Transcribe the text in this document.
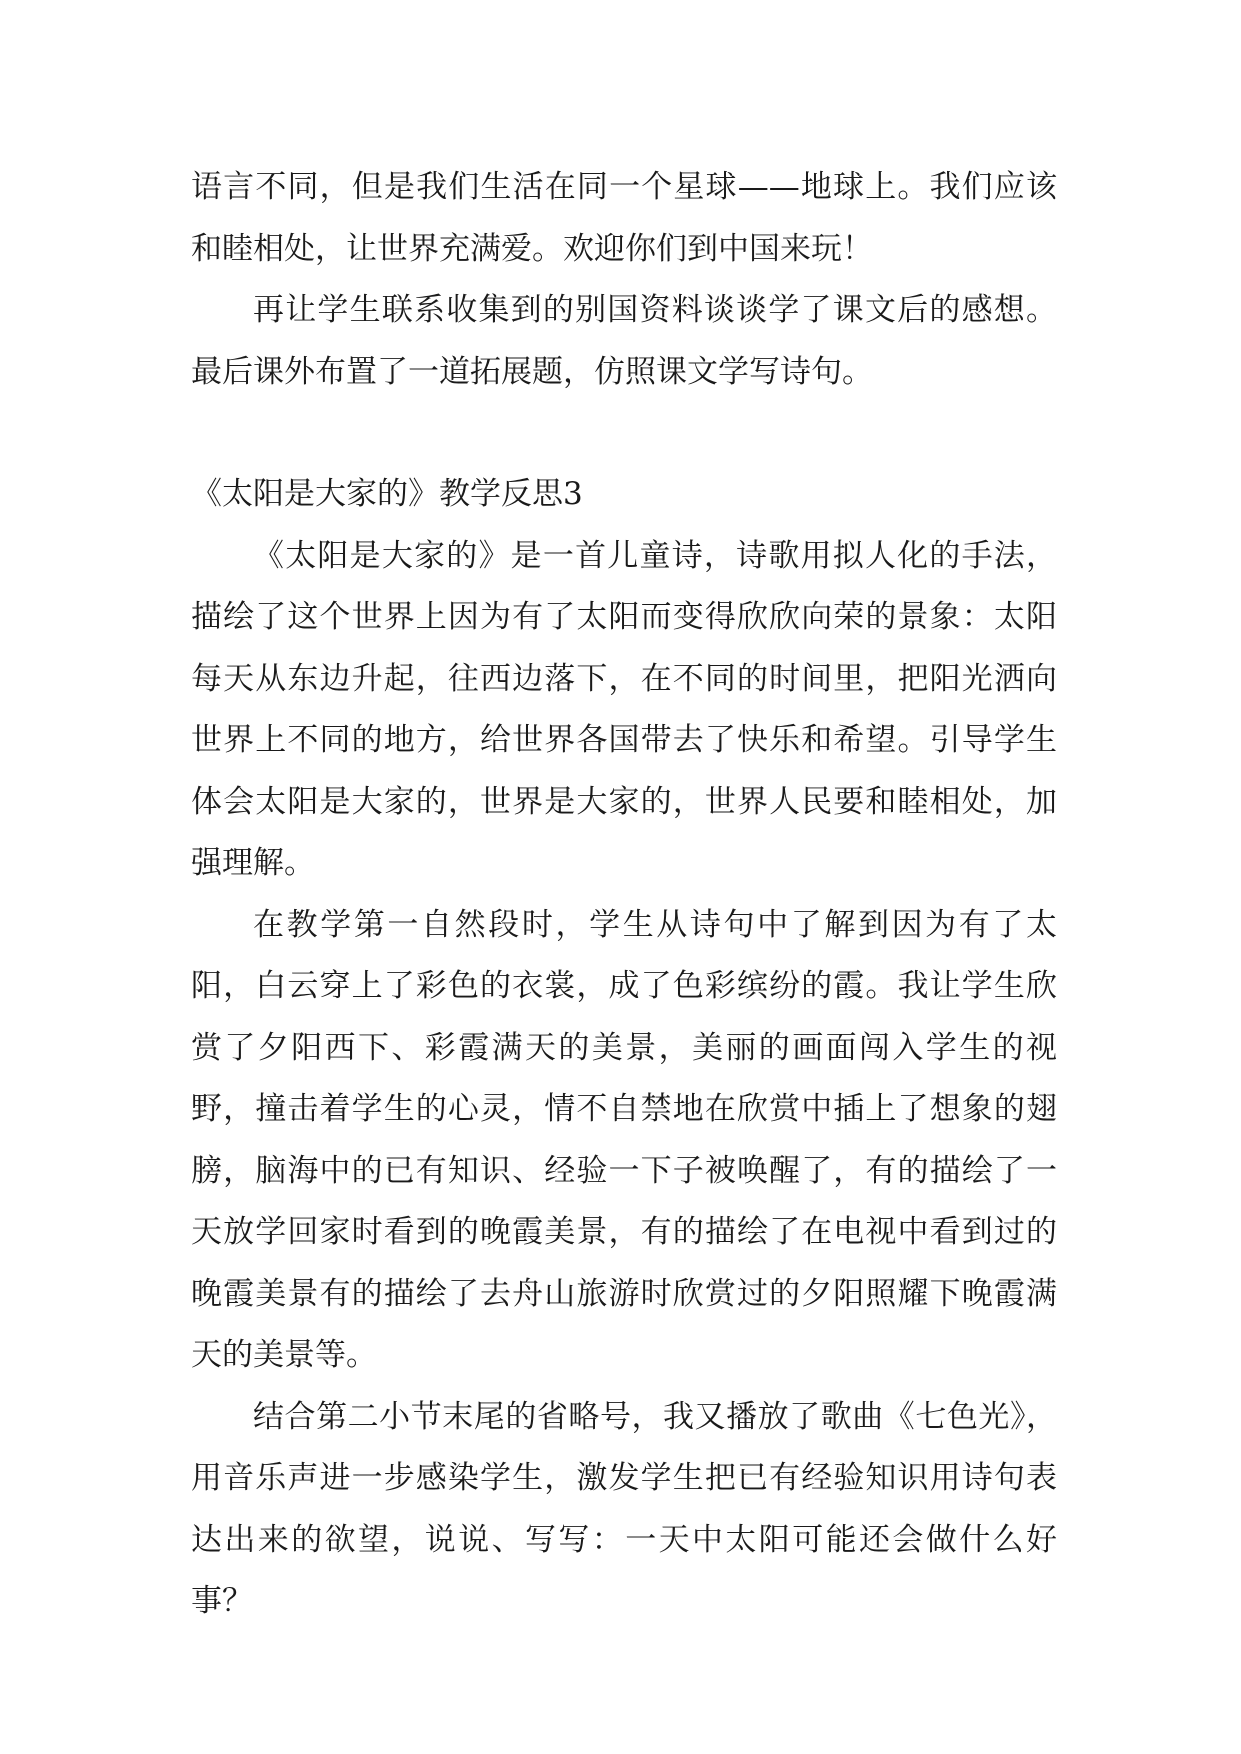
语言不同，但是我们生活在同一个星球——地球上。我们应该和睦相处，让世界充满爱。欢迎你们到中国来玩！

再让学生联系收集到的别国资料谈谈学了课文后的感想。最后课外布置了一道拓展题，仿照课文学写诗句。

《太阳是大家的》教学反思3

《太阳是大家的》是一首儿童诗，诗歌用拟人化的手法，描绘了这个世界上因为有了太阳而变得欣欣向荣的景象：太阳每天从东边升起，往西边落下，在不同的时间里，把阳光洒向世界上不同的地方，给世界各国带去了快乐和希望。引导学生体会太阳是大家的，世界是大家的，世界人民要和睦相处，加强理解。

在教学第一自然段时，学生从诗句中了解到因为有了太阳，白云穿上了彩色的衣裳，成了色彩缤纷的霞。我让学生欣赏了夕阳西下、彩霞满天的美景，美丽的画面闯入学生的视野，撞击着学生的心灵，情不自禁地在欣赏中插上了想象的翅膀，脑海中的已有知识、经验一下子被唤醒了，有的描绘了一天放学回家时看到的晚霞美景，有的描绘了在电视中看到过的晚霞美景有的描绘了去舟山旅游时欣赏过的夕阳照耀下晚霞满天的美景等。

结合第二小节末尾的省略号，我又播放了歌曲《七色光》，用音乐声进一步感染学生，激发学生把已有经验知识用诗句表达出来的欲望，说说、写写：一天中太阳可能还会做什么好事？
